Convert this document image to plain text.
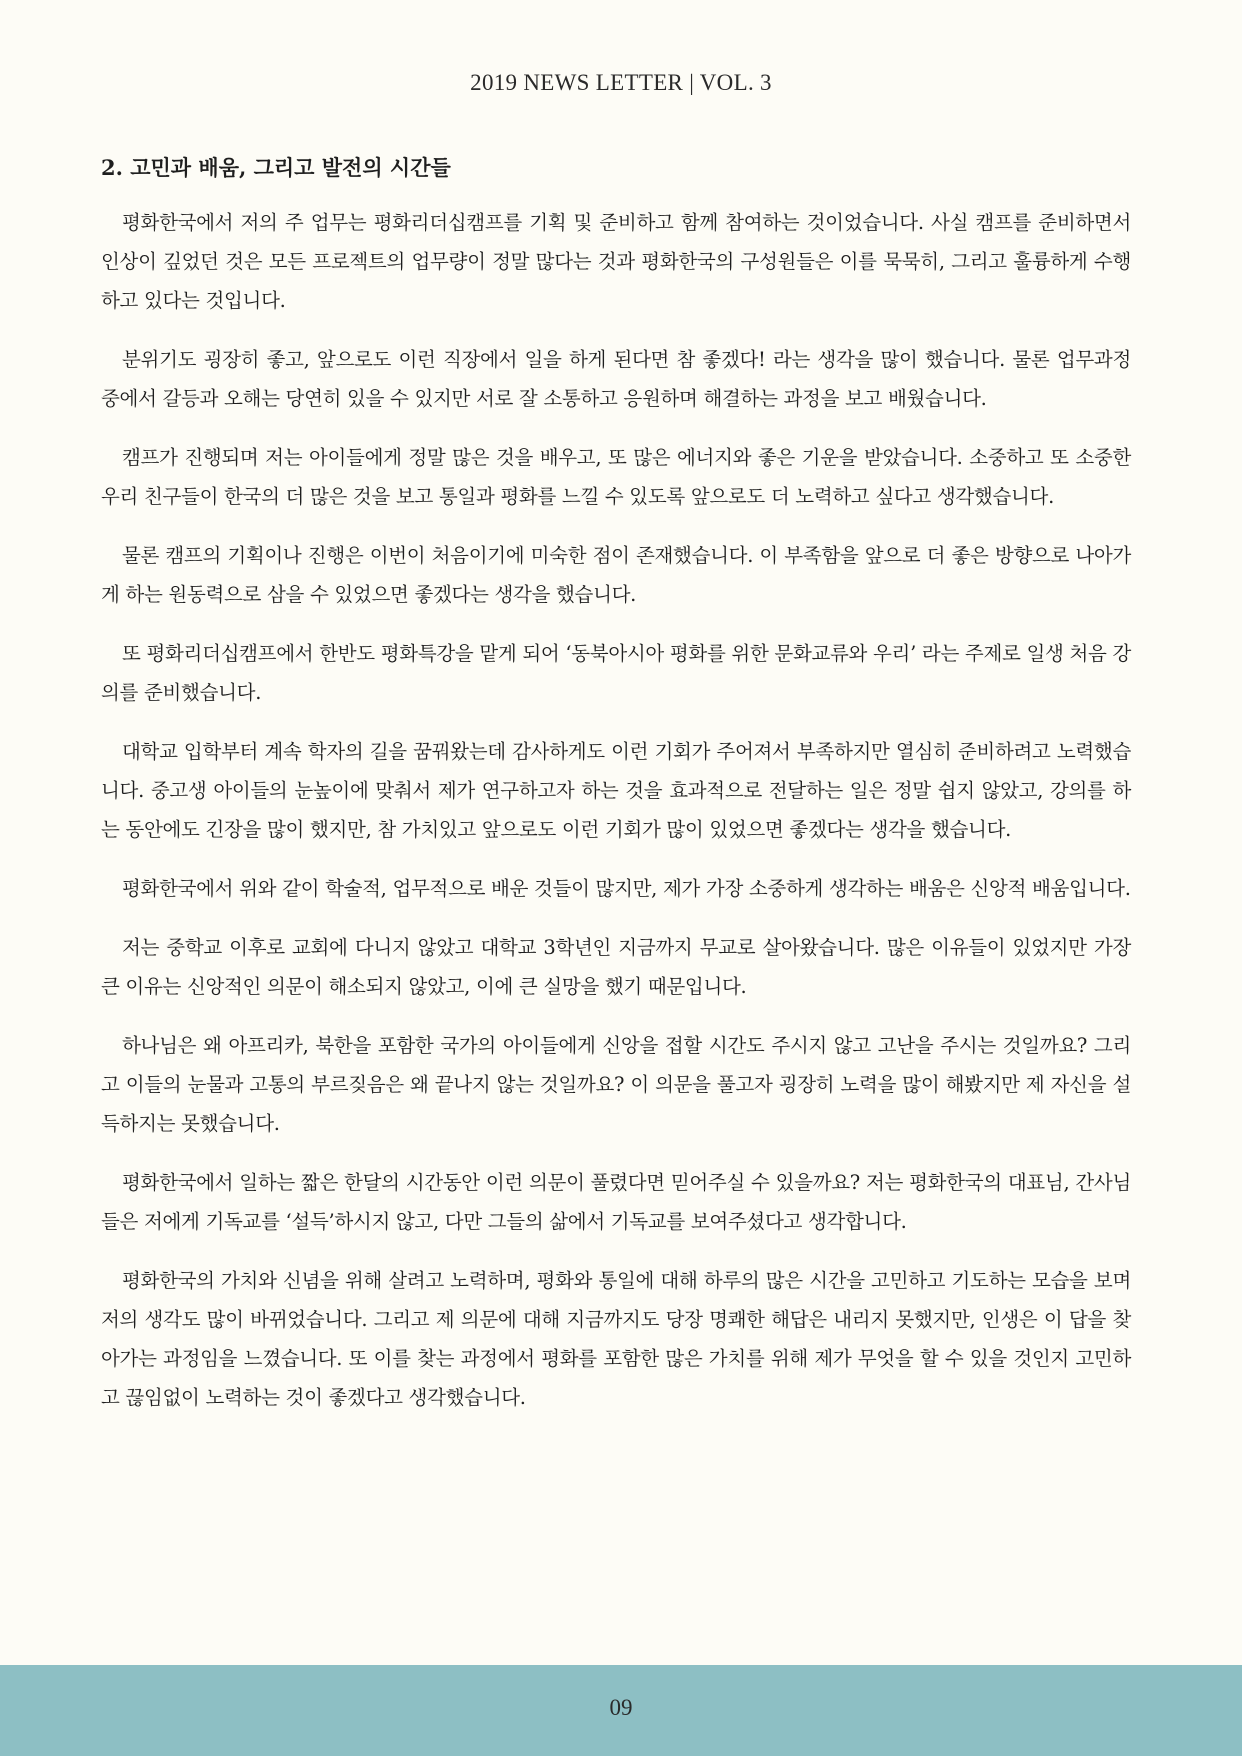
2019 NEWS LETTER | VOL. 3
2. 고민과 배움, 그리고 발전의 시간들

평화한국에서 저의 주 업무는 평화리더십캠프를 기획 및 준비하고 함께 참여하는 것이었습니다. 사실 캠프를 준비하면서 인상이 깊었던 것은 모든 프로젝트의 업무량이 정말 많다는 것과 평화한국의 구성원들은 이를 묵묵히, 그리고 훌륭하게 수행하고 있다는 것입니다.

분위기도 굉장히 좋고, 앞으로도 이런 직장에서 일을 하게 된다면 참 좋겠다! 라는 생각을 많이 했습니다. 물론 업무과정 중에서 갈등과 오해는 당연히 있을 수 있지만 서로 잘 소통하고 응원하며 해결하는 과정을 보고 배웠습니다.

캠프가 진행되며 저는 아이들에게 정말 많은 것을 배우고, 또 많은 에너지와 좋은 기운을 받았습니다. 소중하고 또 소중한 우리 친구들이 한국의 더 많은 것을 보고 통일과 평화를 느낄 수 있도록 앞으로도 더 노력하고 싶다고 생각했습니다.

물론 캠프의 기획이나 진행은 이번이 처음이기에 미숙한 점이 존재했습니다. 이 부족함을 앞으로 더 좋은 방향으로 나아가게 하는 원동력으로 삼을 수 있었으면 좋겠다는 생각을 했습니다.

또 평화리더십캠프에서 한반도 평화특강을 맡게 되어 ‘동북아시아 평화를 위한 문화교류와 우리’ 라는 주제로 일생 처음 강의를 준비했습니다.

대학교 입학부터 계속 학자의 길을 꿈꿔왔는데 감사하게도 이런 기회가 주어져서 부족하지만 열심히 준비하려고 노력했습니다. 중고생 아이들의 눈높이에 맞춰서 제가 연구하고자 하는 것을 효과적으로 전달하는 일은 정말 쉽지 않았고, 강의를 하는 동안에도 긴장을 많이 했지만, 참 가치있고 앞으로도 이런 기회가 많이 있었으면 좋겠다는 생각을 했습니다.

평화한국에서 위와 같이 학술적, 업무적으로 배운 것들이 많지만, 제가 가장 소중하게 생각하는 배움은 신앙적 배움입니다.

저는 중학교 이후로 교회에 다니지 않았고 대학교 3학년인 지금까지 무교로 살아왔습니다. 많은 이유들이 있었지만 가장 큰 이유는 신앙적인 의문이 해소되지 않았고, 이에 큰 실망을 했기 때문입니다.

하나님은 왜 아프리카, 북한을 포함한 국가의 아이들에게 신앙을 접할 시간도 주시지 않고 고난을 주시는 것일까요? 그리고 이들의 눈물과 고통의 부르짖음은 왜 끝나지 않는 것일까요? 이 의문을 풀고자 굉장히 노력을 많이 해봤지만 제 자신을 설득하지는 못했습니다.

평화한국에서 일하는 짧은 한달의 시간동안 이런 의문이 풀렸다면 믿어주실 수 있을까요? 저는 평화한국의 대표님, 간사님들은 저에게 기독교를 ‘설득’하시지 않고, 다만 그들의 삶에서 기독교를 보여주셨다고 생각합니다.

평화한국의 가치와 신념을 위해 살려고 노력하며, 평화와 통일에 대해 하루의 많은 시간을 고민하고 기도하는 모습을 보며 저의 생각도 많이 바뀌었습니다. 그리고 제 의문에 대해 지금까지도 당장 명쾌한 해답은 내리지 못했지만, 인생은 이 답을 찾아가는 과정임을 느꼈습니다. 또 이를 찾는 과정에서 평화를 포함한 많은 가치를 위해 제가 무엇을 할 수 있을 것인지 고민하고 끊임없이 노력하는 것이 좋겠다고 생각했습니다.

09
